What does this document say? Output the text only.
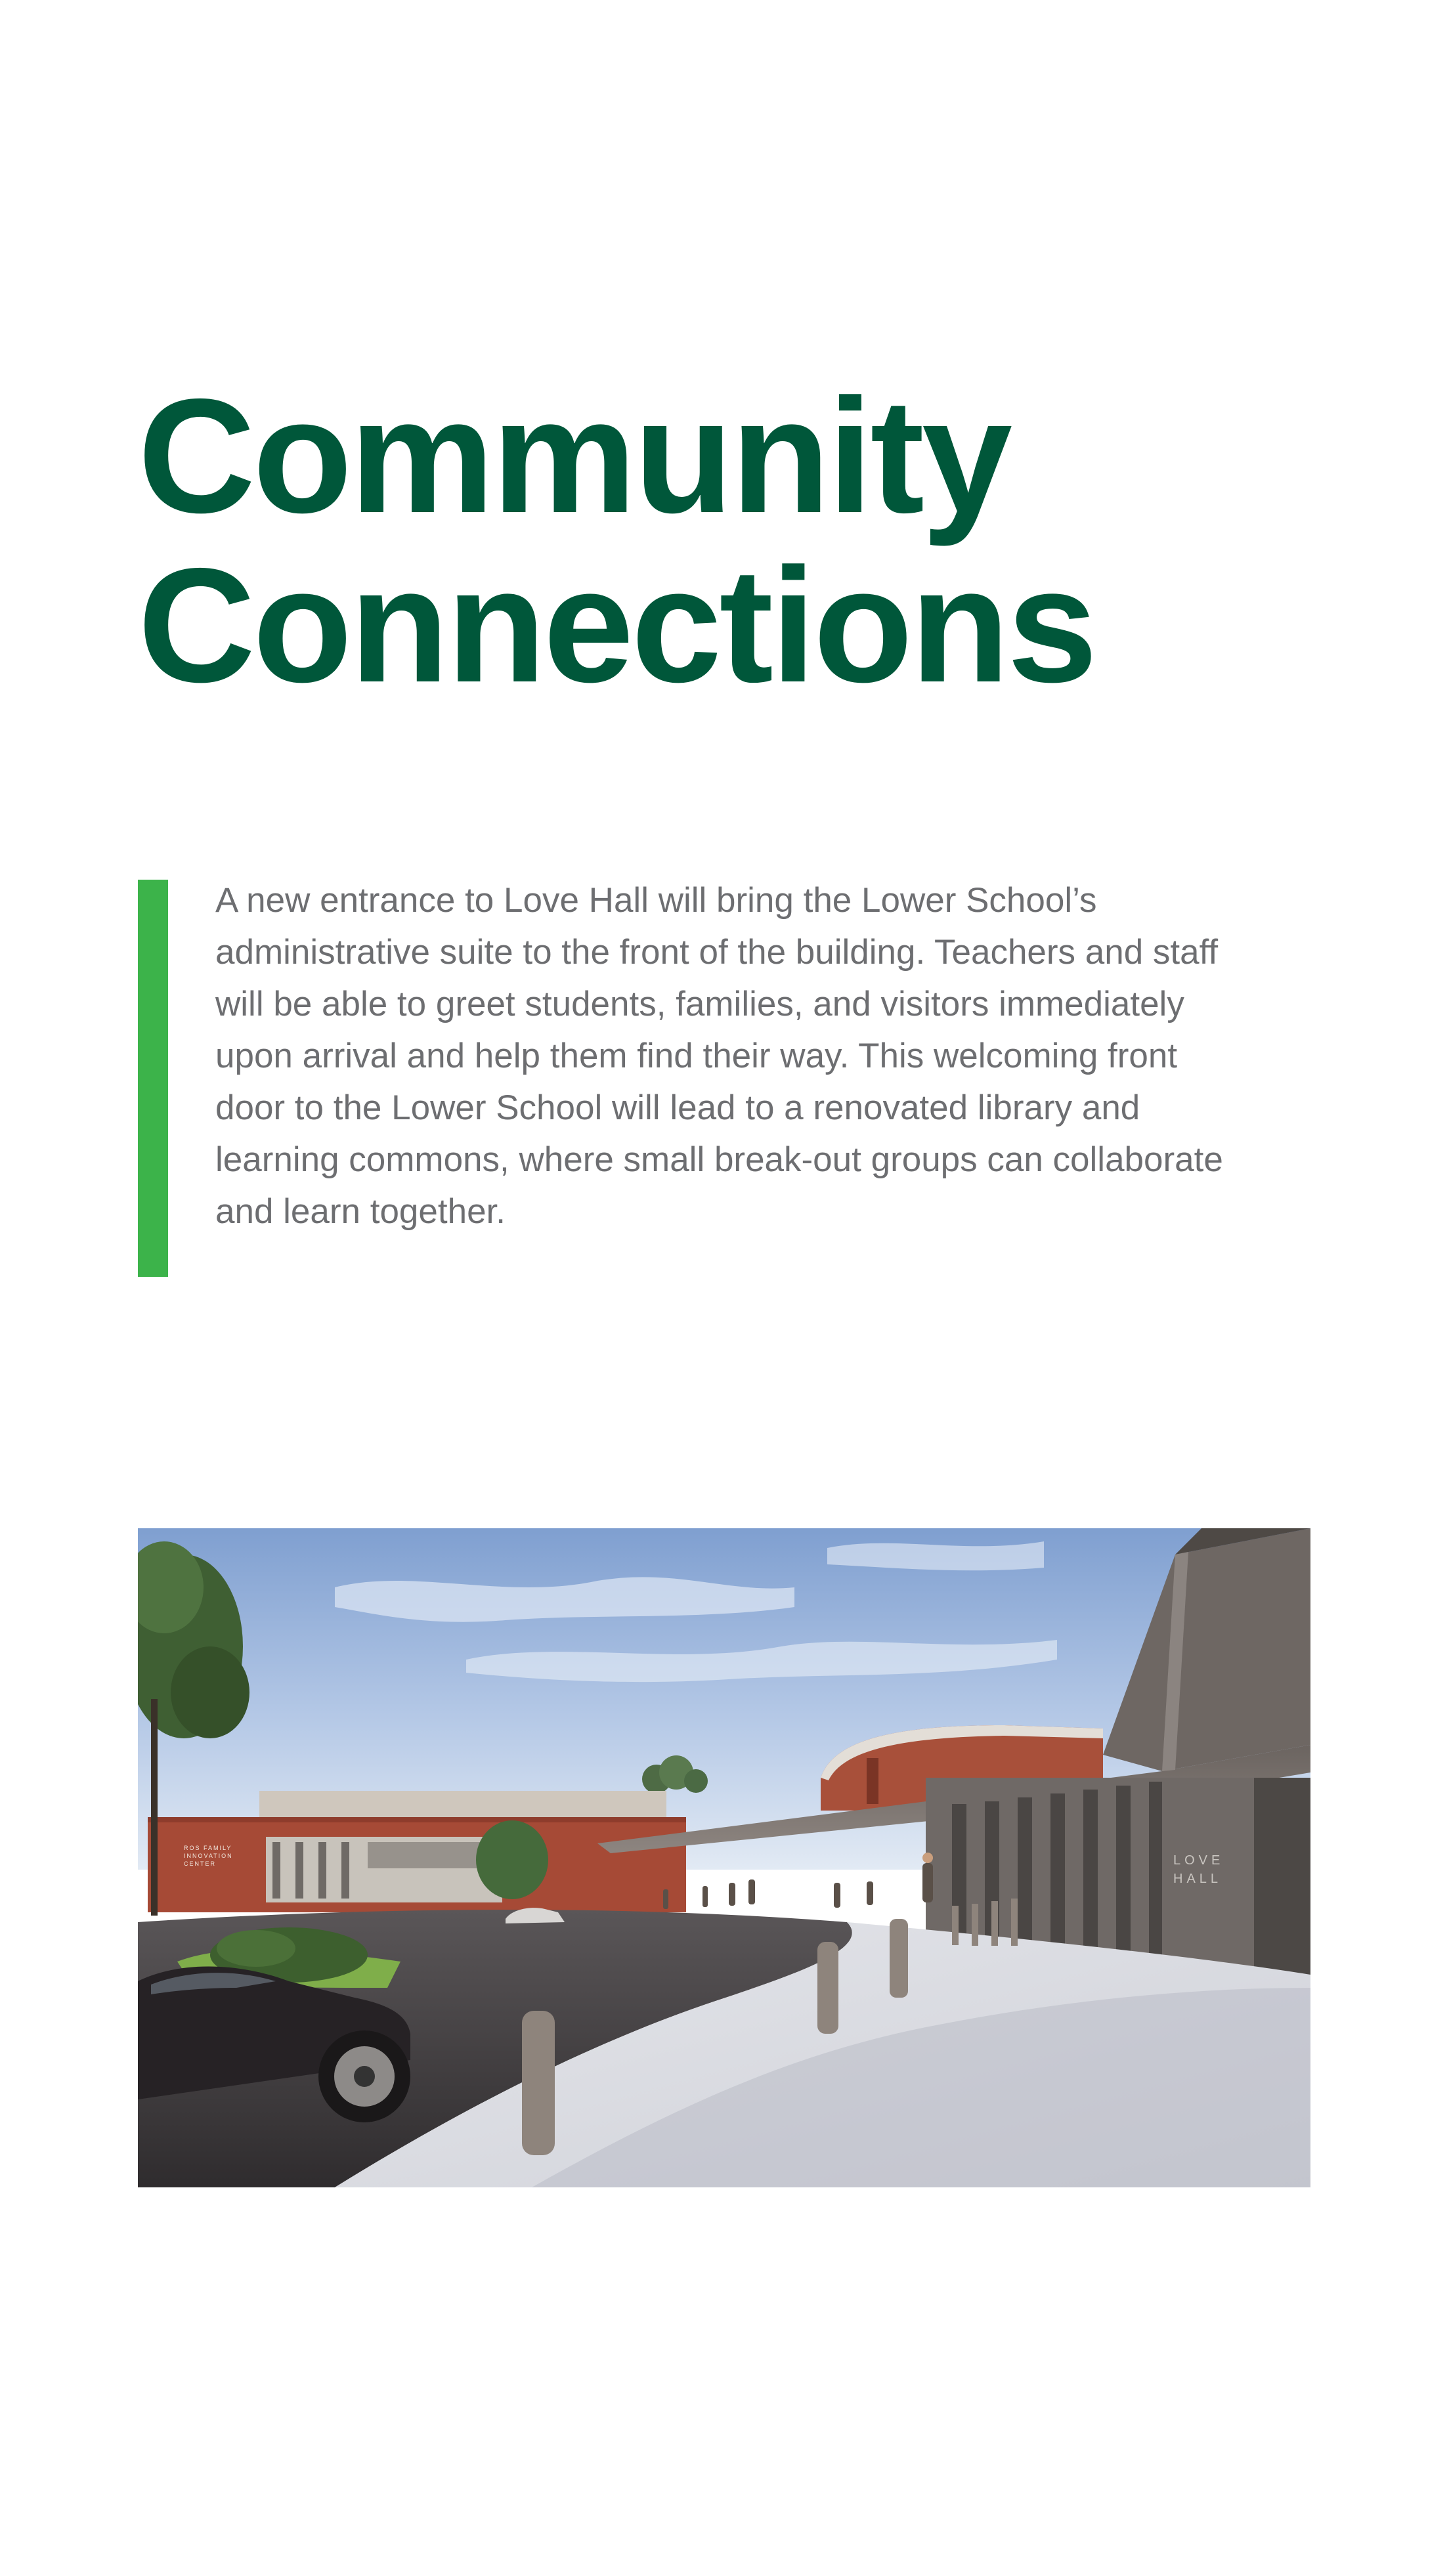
Community
Connections

A new entrance to Love Hall will bring the Lower School’s administrative suite to the front of the building. Teachers and staff will be able to greet students, families, and visitors immediately upon arrival and help them find their way. This welcoming front door to the Lower School will lead to a renovated library and learning commons, where small break-out groups can collaborate and learn together.

ROS FAMILY
INNOVATION
CENTER	LOVE
HALL
